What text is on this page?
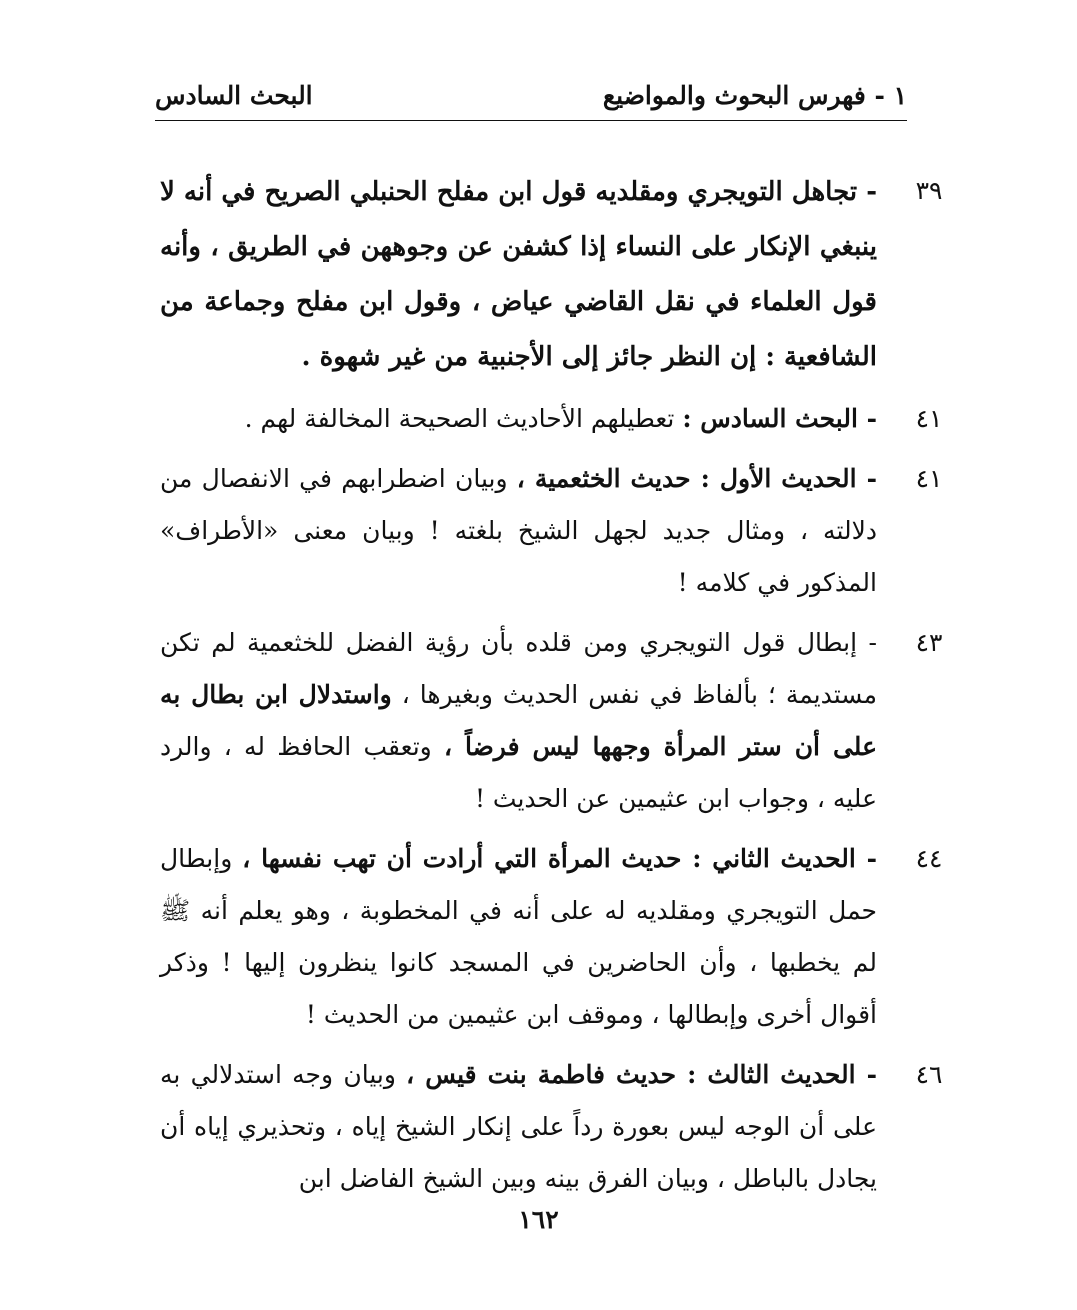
البحث السادس	١ - فهرس البحوث والمواضيع
٣٩
- تجاهل التويجري ومقلديه قول ابن مفلح الحنبلي الصريح في أنه لا ينبغي الإنكار على النساء إذا كشفن عن وجوههن في الطريق ، وأنه قول العلماء في نقل القاضي عياض ، وقول ابن مفلح وجماعة من الشافعية : إن النظر جائز إلى الأجنبية من غير شهوة .
٤١
- البحث السادس : تعطيلهم الأحاديث الصحيحة المخالفة لهم .
٤١
- الحديث الأول : حديث الخثعمية ، وبيان اضطرابهم في الانفصال من دلالته ، ومثال جديد لجهل الشيخ بلغته ! وبيان معنى «الأطراف» المذكور في كلامه !
٤٣
- إبطال قول التويجري ومن قلده بأن رؤية الفضل للخثعمية لم تكن مستديمة ؛ بألفاظ في نفس الحديث وبغيرها ، واستدلال ابن بطال به على أن ستر المرأة وجهها ليس فرضاً ، وتعقب الحافظ له ، والرد عليه ، وجواب ابن عثيمين عن الحديث !
٤٤
- الحديث الثاني : حديث المرأة التي أرادت أن تهب نفسها ، وإبطال حمل التويجري ومقلديه له على أنه في المخطوبة ، وهو يعلم أنه ﷺ لم يخطبها ، وأن الحاضرين في المسجد كانوا ينظرون إليها ! وذكر أقوال أخرى وإبطالها ، وموقف ابن عثيمين من الحديث !
٤٦
- الحديث الثالث : حديث فاطمة بنت قيس ، وبيان وجه استدلالي به على أن الوجه ليس بعورة رداً على إنكار الشيخ إياه ، وتحذيري إياه أن يجادل بالباطل ، وبيان الفرق بينه وبين الشيخ الفاضل ابن
١٦٢
